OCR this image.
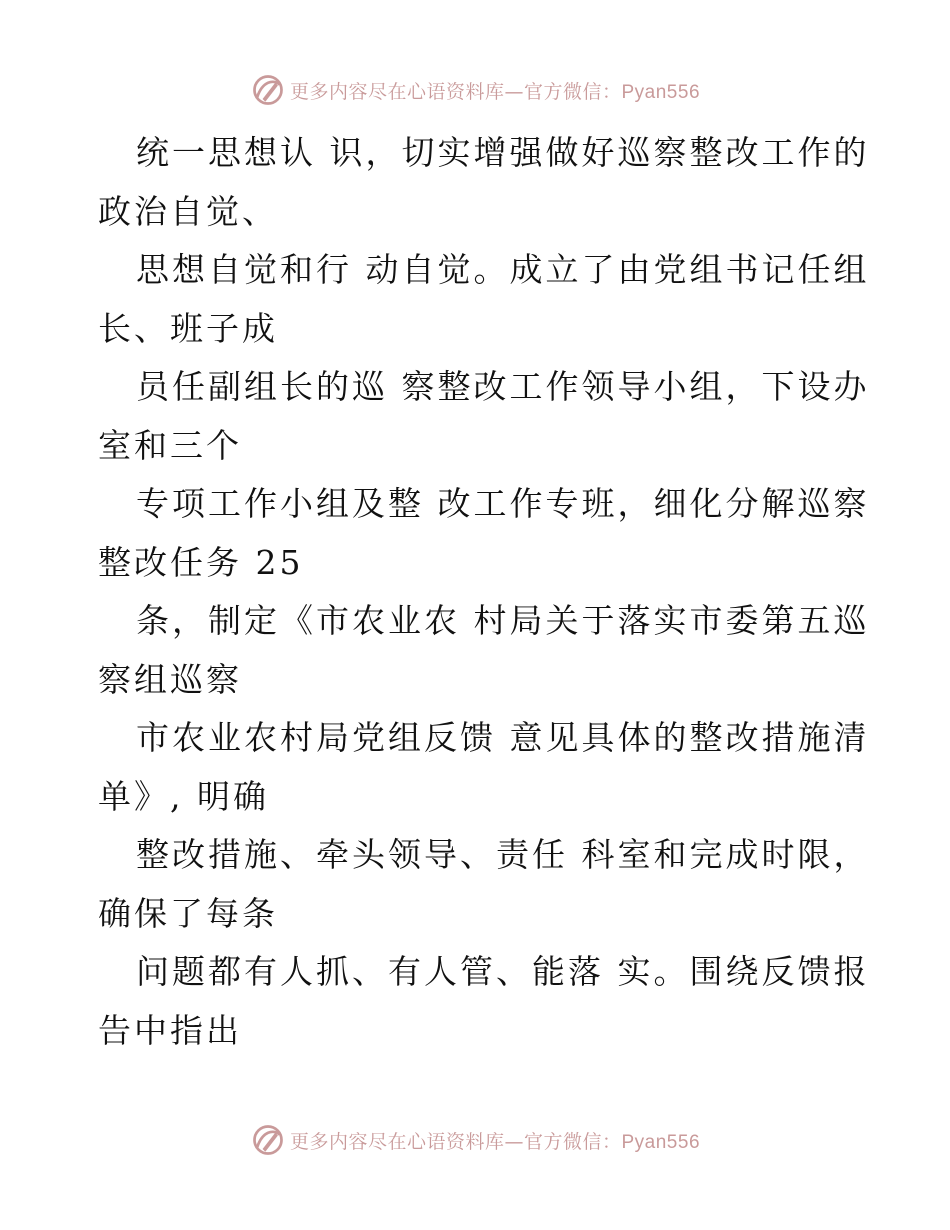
更多内容尽在心语资料库—官方微信：Pyan556
统一思想认 识，切实增强做好巡察整改工作的
政治自觉、
思想自觉和行 动自觉。成立了由党组书记任组
长、班子成
员任副组长的巡 察整改工作领导小组，下设办
室和三个
专项工作小组及整 改工作专班，细化分解巡察
整改任务 25
条，制定《市农业农 村局关于落实市委第五巡
察组巡察
市农业农村局党组反馈 意见具体的整改措施清
单》, 明确
整改措施、牵头领导、责任 科室和完成时限，
确保了每条
问题都有人抓、有人管、能落 实。围绕反馈报
告中指出
更多内容尽在心语资料库—官方微信：Pyan556
